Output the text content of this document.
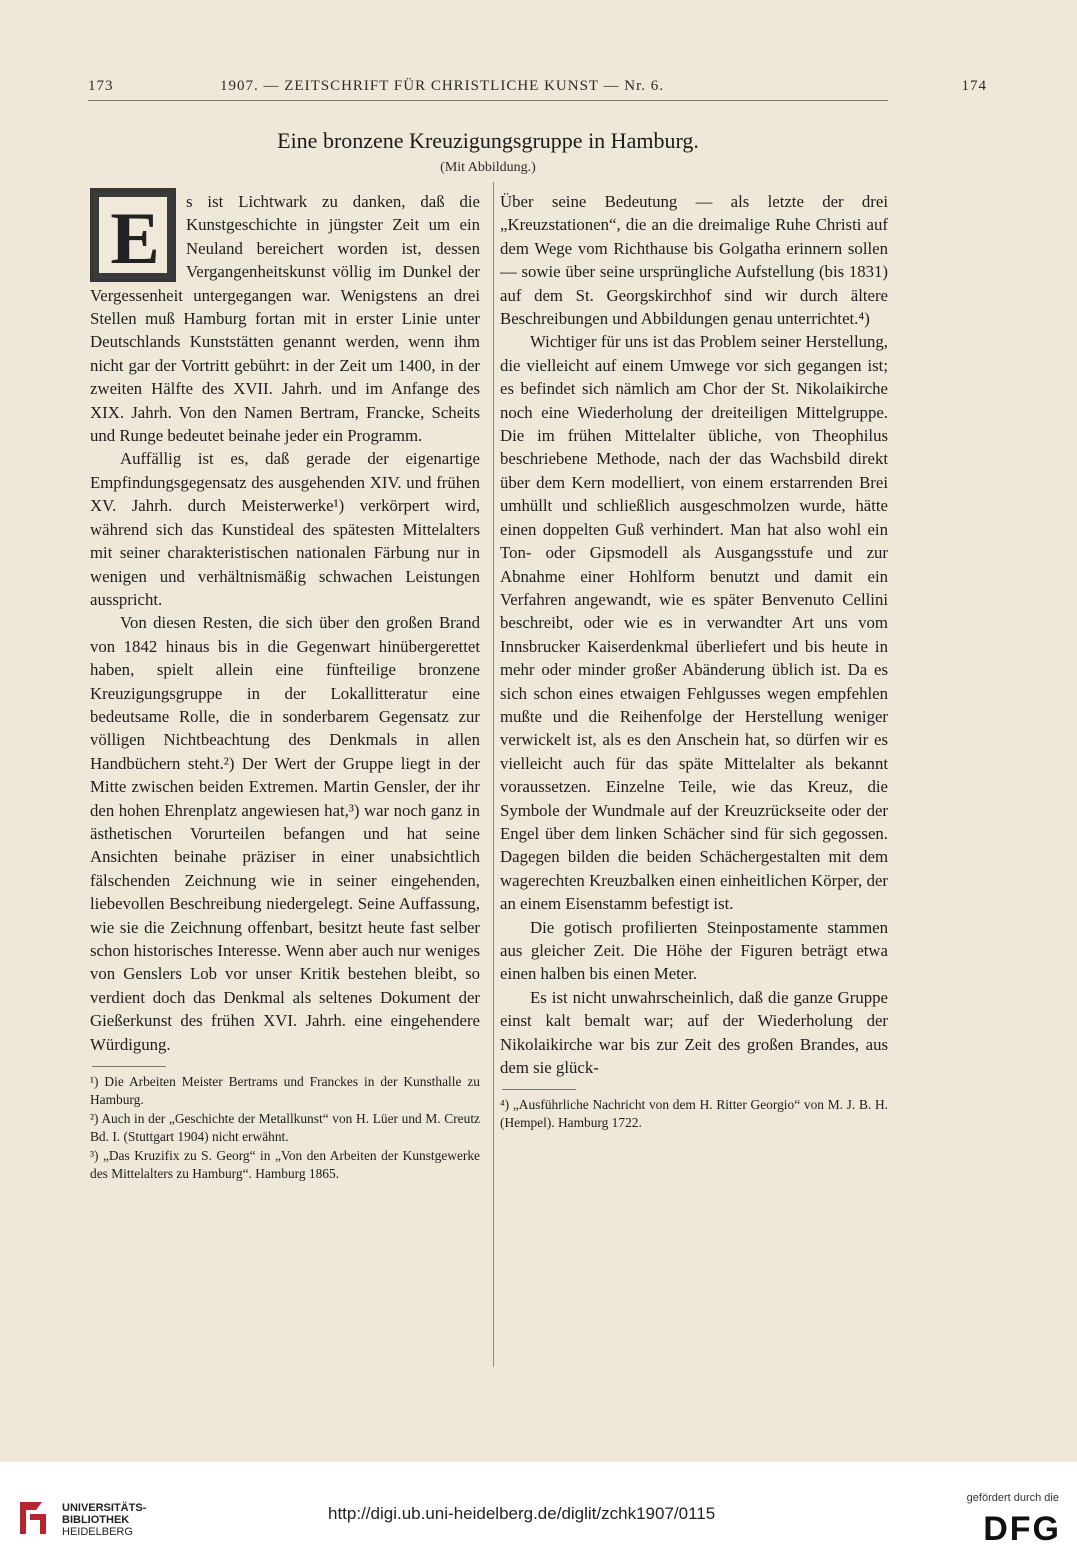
173	1907. — ZEITSCHRIFT FÜR CHRISTLICHE KUNST — Nr. 6.	174
Eine bronzene Kreuzigungsgruppe in Hamburg.
(Mit Abbildung.)

E	s ist Lichtwark zu danken, daß die Kunstgeschichte in jüngster Zeit um ein Neuland bereichert worden ist, dessen Vergangenheitskunst völlig im Dunkel der Vergessenheit untergegangen war. Wenigstens an drei Stellen muß Hamburg fortan mit in erster Linie unter Deutschlands Kunststätten genannt werden, wenn ihm nicht gar der Vortritt gebührt: in der Zeit um 1400, in der zweiten Hälfte des XVII. Jahrh. und im Anfange des XIX. Jahrh. Von den Namen Bertram, Francke, Scheits und Runge bedeutet beinahe jeder ein Programm.

Auffällig ist es, daß gerade der eigenartige Empfindungsgegensatz des ausgehenden XIV. und frühen XV. Jahrh. durch Meisterwerke¹) verkörpert wird, während sich das Kunstideal des spätesten Mittelalters mit seiner charakteristischen nationalen Färbung nur in wenigen und verhältnismäßig schwachen Leistungen ausspricht.

Von diesen Resten, die sich über den großen Brand von 1842 hinaus bis in die Gegenwart hinübergerettet haben, spielt allein eine fünfteilige bronzene Kreuzigungsgruppe in der Lokallitteratur eine bedeutsame Rolle, die in sonderbarem Gegensatz zur völligen Nichtbeachtung des Denkmals in allen Handbüchern steht.²) Der Wert der Gruppe liegt in der Mitte zwischen beiden Extremen. Martin Gensler, der ihr den hohen Ehrenplatz angewiesen hat,³) war noch ganz in ästhetischen Vorurteilen befangen und hat seine Ansichten beinahe präziser in einer unabsichtlich fälschenden Zeichnung wie in seiner eingehenden, liebevollen Beschreibung niedergelegt. Seine Auffassung, wie sie die Zeichnung offenbart, besitzt heute fast selber schon historisches Interesse. Wenn aber auch nur weniges von Genslers Lob vor unser Kritik bestehen bleibt, so verdient doch das Denkmal als seltenes Dokument der Gießerkunst des frühen XVI. Jahrh. eine eingehendere Würdigung.

¹) Die Arbeiten Meister Bertrams und Franckes in der Kunsthalle zu Hamburg.

²) Auch in der „Geschichte der Metallkunst“ von H. Lüer und M. Creutz Bd. I. (Stuttgart 1904) nicht erwähnt.

³) „Das Kruzifix zu S. Georg“ in „Von den Arbeiten der Kunstgewerke des Mittelalters zu Hamburg“. Hamburg 1865.

Über seine Bedeutung — als letzte der drei „Kreuzstationen“, die an die dreimalige Ruhe Christi auf dem Wege vom Richthause bis Golgatha erinnern sollen — sowie über seine ursprüngliche Aufstellung (bis 1831) auf dem St. Georgskirchhof sind wir durch ältere Beschreibungen und Abbildungen genau unterrichtet.⁴)

Wichtiger für uns ist das Problem seiner Herstellung, die vielleicht auf einem Umwege vor sich gegangen ist; es befindet sich nämlich am Chor der St. Nikolaikirche noch eine Wiederholung der dreiteiligen Mittelgruppe. Die im frühen Mittelalter übliche, von Theophilus beschriebene Methode, nach der das Wachsbild direkt über dem Kern modelliert, von einem erstarrenden Brei umhüllt und schließlich ausgeschmolzen wurde, hätte einen doppelten Guß verhindert. Man hat also wohl ein Ton- oder Gipsmodell als Ausgangsstufe und zur Abnahme einer Hohlform benutzt und damit ein Verfahren angewandt, wie es später Benvenuto Cellini beschreibt, oder wie es in verwandter Art uns vom Innsbrucker Kaiserdenkmal überliefert und bis heute in mehr oder minder großer Abänderung üblich ist. Da es sich schon eines etwaigen Fehlgusses wegen empfehlen mußte und die Reihenfolge der Herstellung weniger verwickelt ist, als es den Anschein hat, so dürfen wir es vielleicht auch für das späte Mittelalter als bekannt voraussetzen. Einzelne Teile, wie das Kreuz, die Symbole der Wundmale auf der Kreuzrückseite oder der Engel über dem linken Schächer sind für sich gegossen. Dagegen bilden die beiden Schächergestalten mit dem wagerechten Kreuzbalken einen einheitlichen Körper, der an einem Eisenstamm befestigt ist.

Die gotisch profilierten Steinpostamente stammen aus gleicher Zeit. Die Höhe der Figuren beträgt etwa einen halben bis einen Meter.

Es ist nicht unwahrscheinlich, daß die ganze Gruppe einst kalt bemalt war; auf der Wiederholung der Nikolaikirche war bis zur Zeit des großen Brandes, aus dem sie glück-

⁴) „Ausführliche Nachricht von dem H. Ritter Georgio“ von M. J. B. H. (Hempel). Hamburg 1722.

UNIVERSITÄTS-
BIBLIOTHEK
HEIDELBERG
http://digi.ub.uni-heidelberg.de/diglit/zchk1907/0115
gefördert durch die
DFG
